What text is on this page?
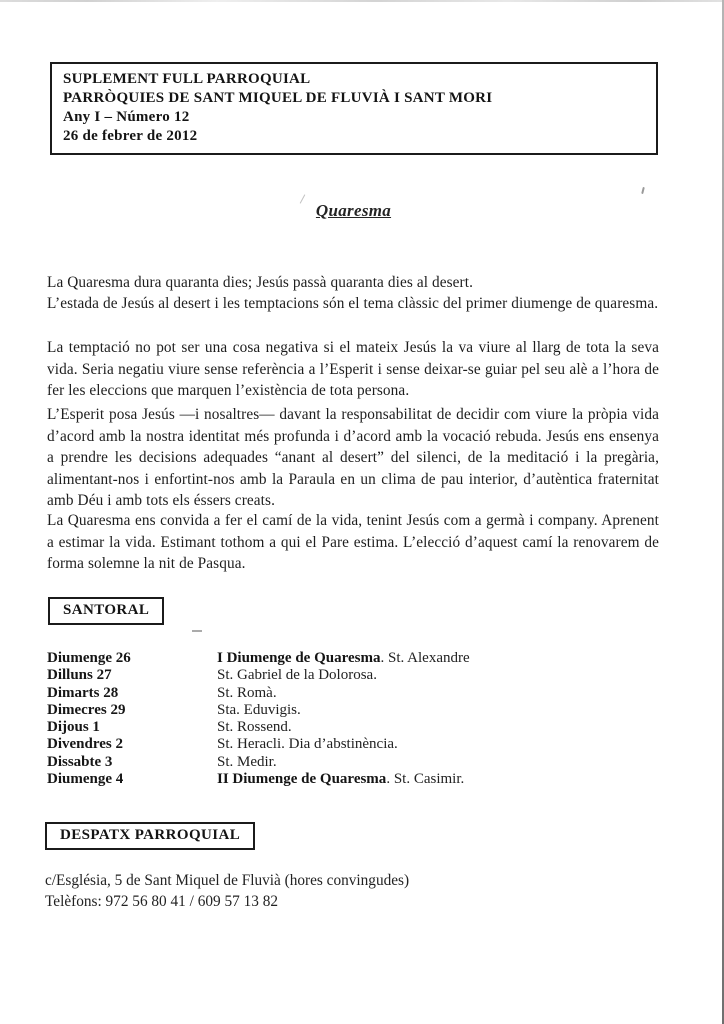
SUPLEMENT FULL PARROQUIAL
PARRÒQUIES DE SANT MIQUEL DE FLUVIÀ I SANT MORI
Any I – Número 12
26 de febrer de 2012
Quaresma

La Quaresma dura quaranta dies; Jesús passà quaranta dies al desert.

L’estada de Jesús al desert i les temptacions són el tema clàssic del primer diumenge de quaresma.

La temptació no pot ser una cosa negativa si el mateix Jesús la va viure al llarg de tota la seva vida. Seria negatiu viure sense referència a l’Esperit i sense deixar-se guiar pel seu alè a l’hora de fer les eleccions que marquen l’existència de tota persona.

L’Esperit posa Jesús —i nosaltres— davant la responsabilitat de decidir com viure la pròpia vida d’acord amb la nostra identitat més profunda i d’acord amb la vocació rebuda. Jesús ens ensenya a prendre les decisions adequades “anant al desert” del silenci, de la meditació i la pregària, alimentant-nos i enfortint-nos amb la Paraula en un clima de pau interior, d’autèntica fraternitat amb Déu i amb tots els éssers creats.

La Quaresma ens convida a fer el camí de la vida, tenint Jesús com a germà i company. Aprenent a estimar la vida. Estimant tothom a qui el Pare estima. L’elecció d’aquest camí la renovarem de forma solemne la nit de Pasqua.

SANTORAL
Diumenge 26	I Diumenge de Quaresma. St. Alexandre
Dilluns 27	St. Gabriel de la Dolorosa.
Dimarts 28	St. Romà.
Dimecres 29	Sta. Eduvigis.
Dijous 1	St. Rossend.
Divendres 2	St. Heracli. Dia d’abstinència.
Dissabte 3	St. Medir.
Diumenge 4	II Diumenge de Quaresma. St. Casimir.
DESPATX PARROQUIAL
c/Església, 5 de Sant Miquel de Fluvià (hores convingudes)
Telèfons: 972 56 80 41 / 609 57 13 82
